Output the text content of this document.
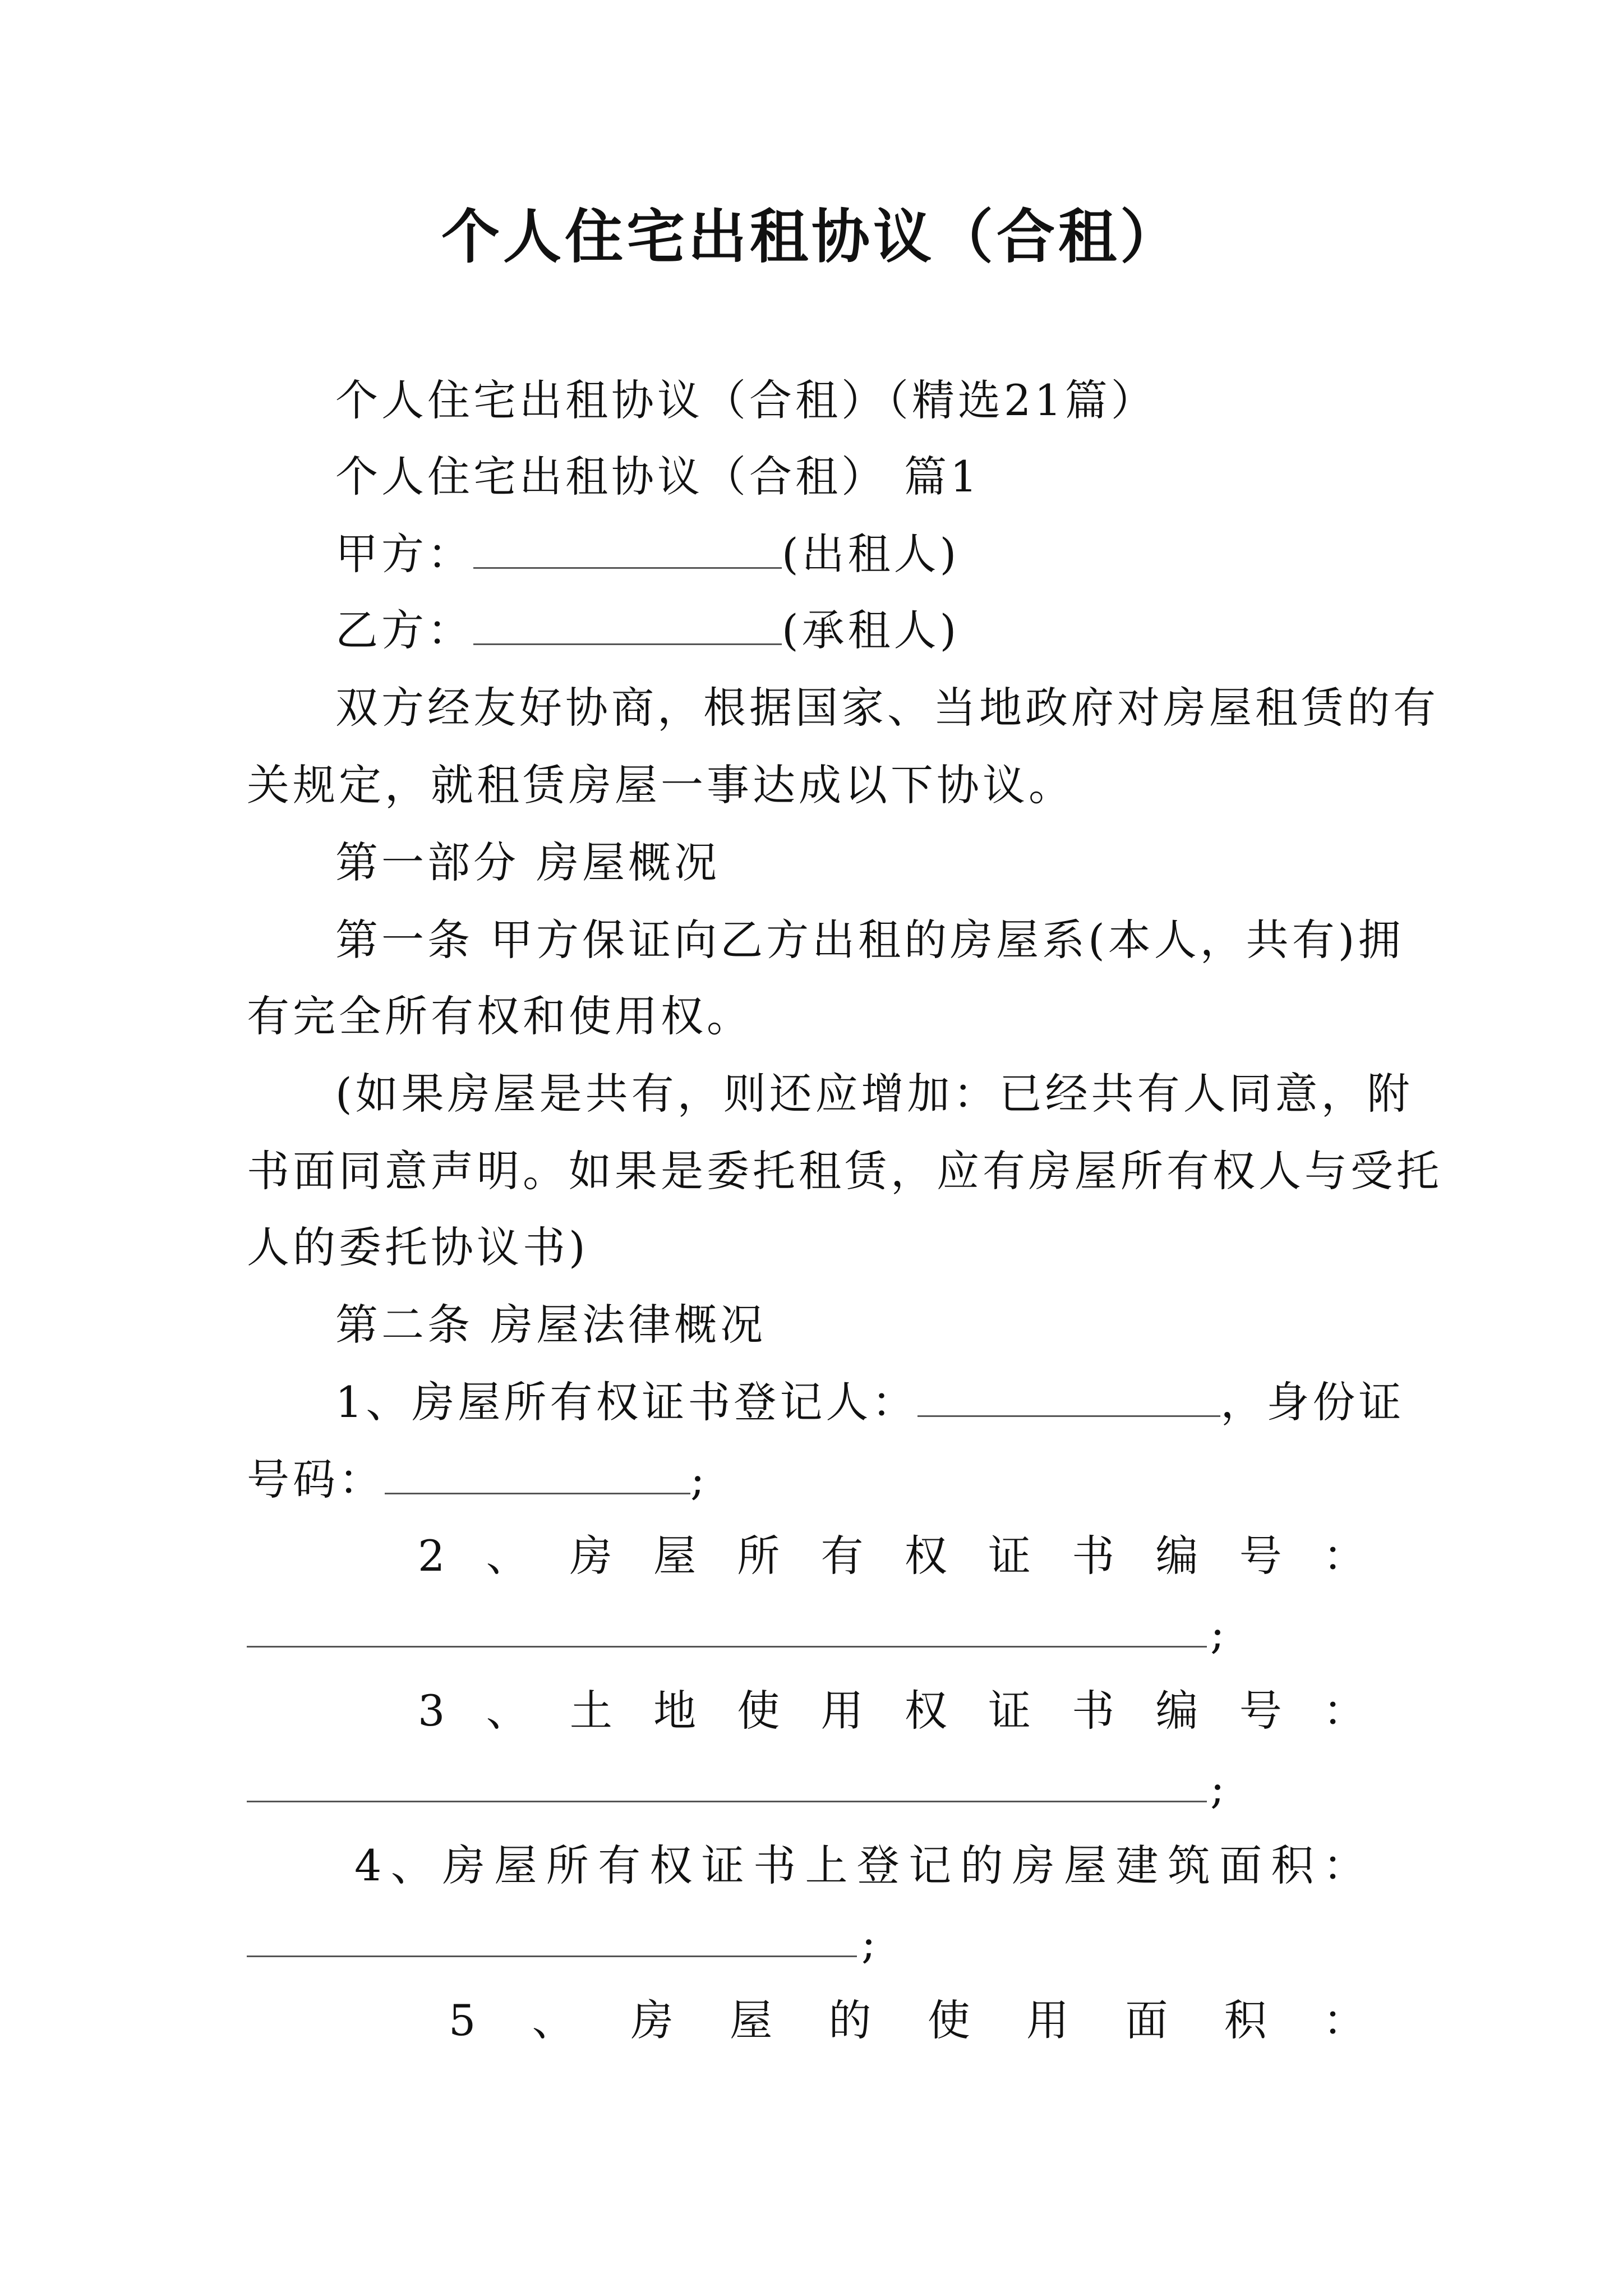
个人住宅出租协议（合租）
个人住宅出租协议（合租）（精选21篇）
个人住宅出租协议（合租） 篇1
甲方：	(出租人)
乙方：	(承租人)
双方经友好协商，根据国家、当地政府对房屋租赁的有
关规定，就租赁房屋一事达成以下协议。
第一部分 房屋概况
第一条 甲方保证向乙方出租的房屋系(本人，共有)拥
有完全所有权和使用权。
(如果房屋是共有，则还应增加：已经共有人同意，附
书面同意声明。如果是委托租赁，应有房屋所有权人与受托
人的委托协议书)
第二条 房屋法律概况
1、房屋所有权证书登记人：	，身份证
号码：	;
2 、 房 屋 所 有 权 证 书 编 号 ：
;
3 、 土 地 使 用 权 证 书 编 号 ：
;
4 、 房 屋 所 有 权 证 书 上 登 记 的 房 屋 建 筑 面 积 ：
;
5 、 房 屋 的 使 用 面 积 ：
